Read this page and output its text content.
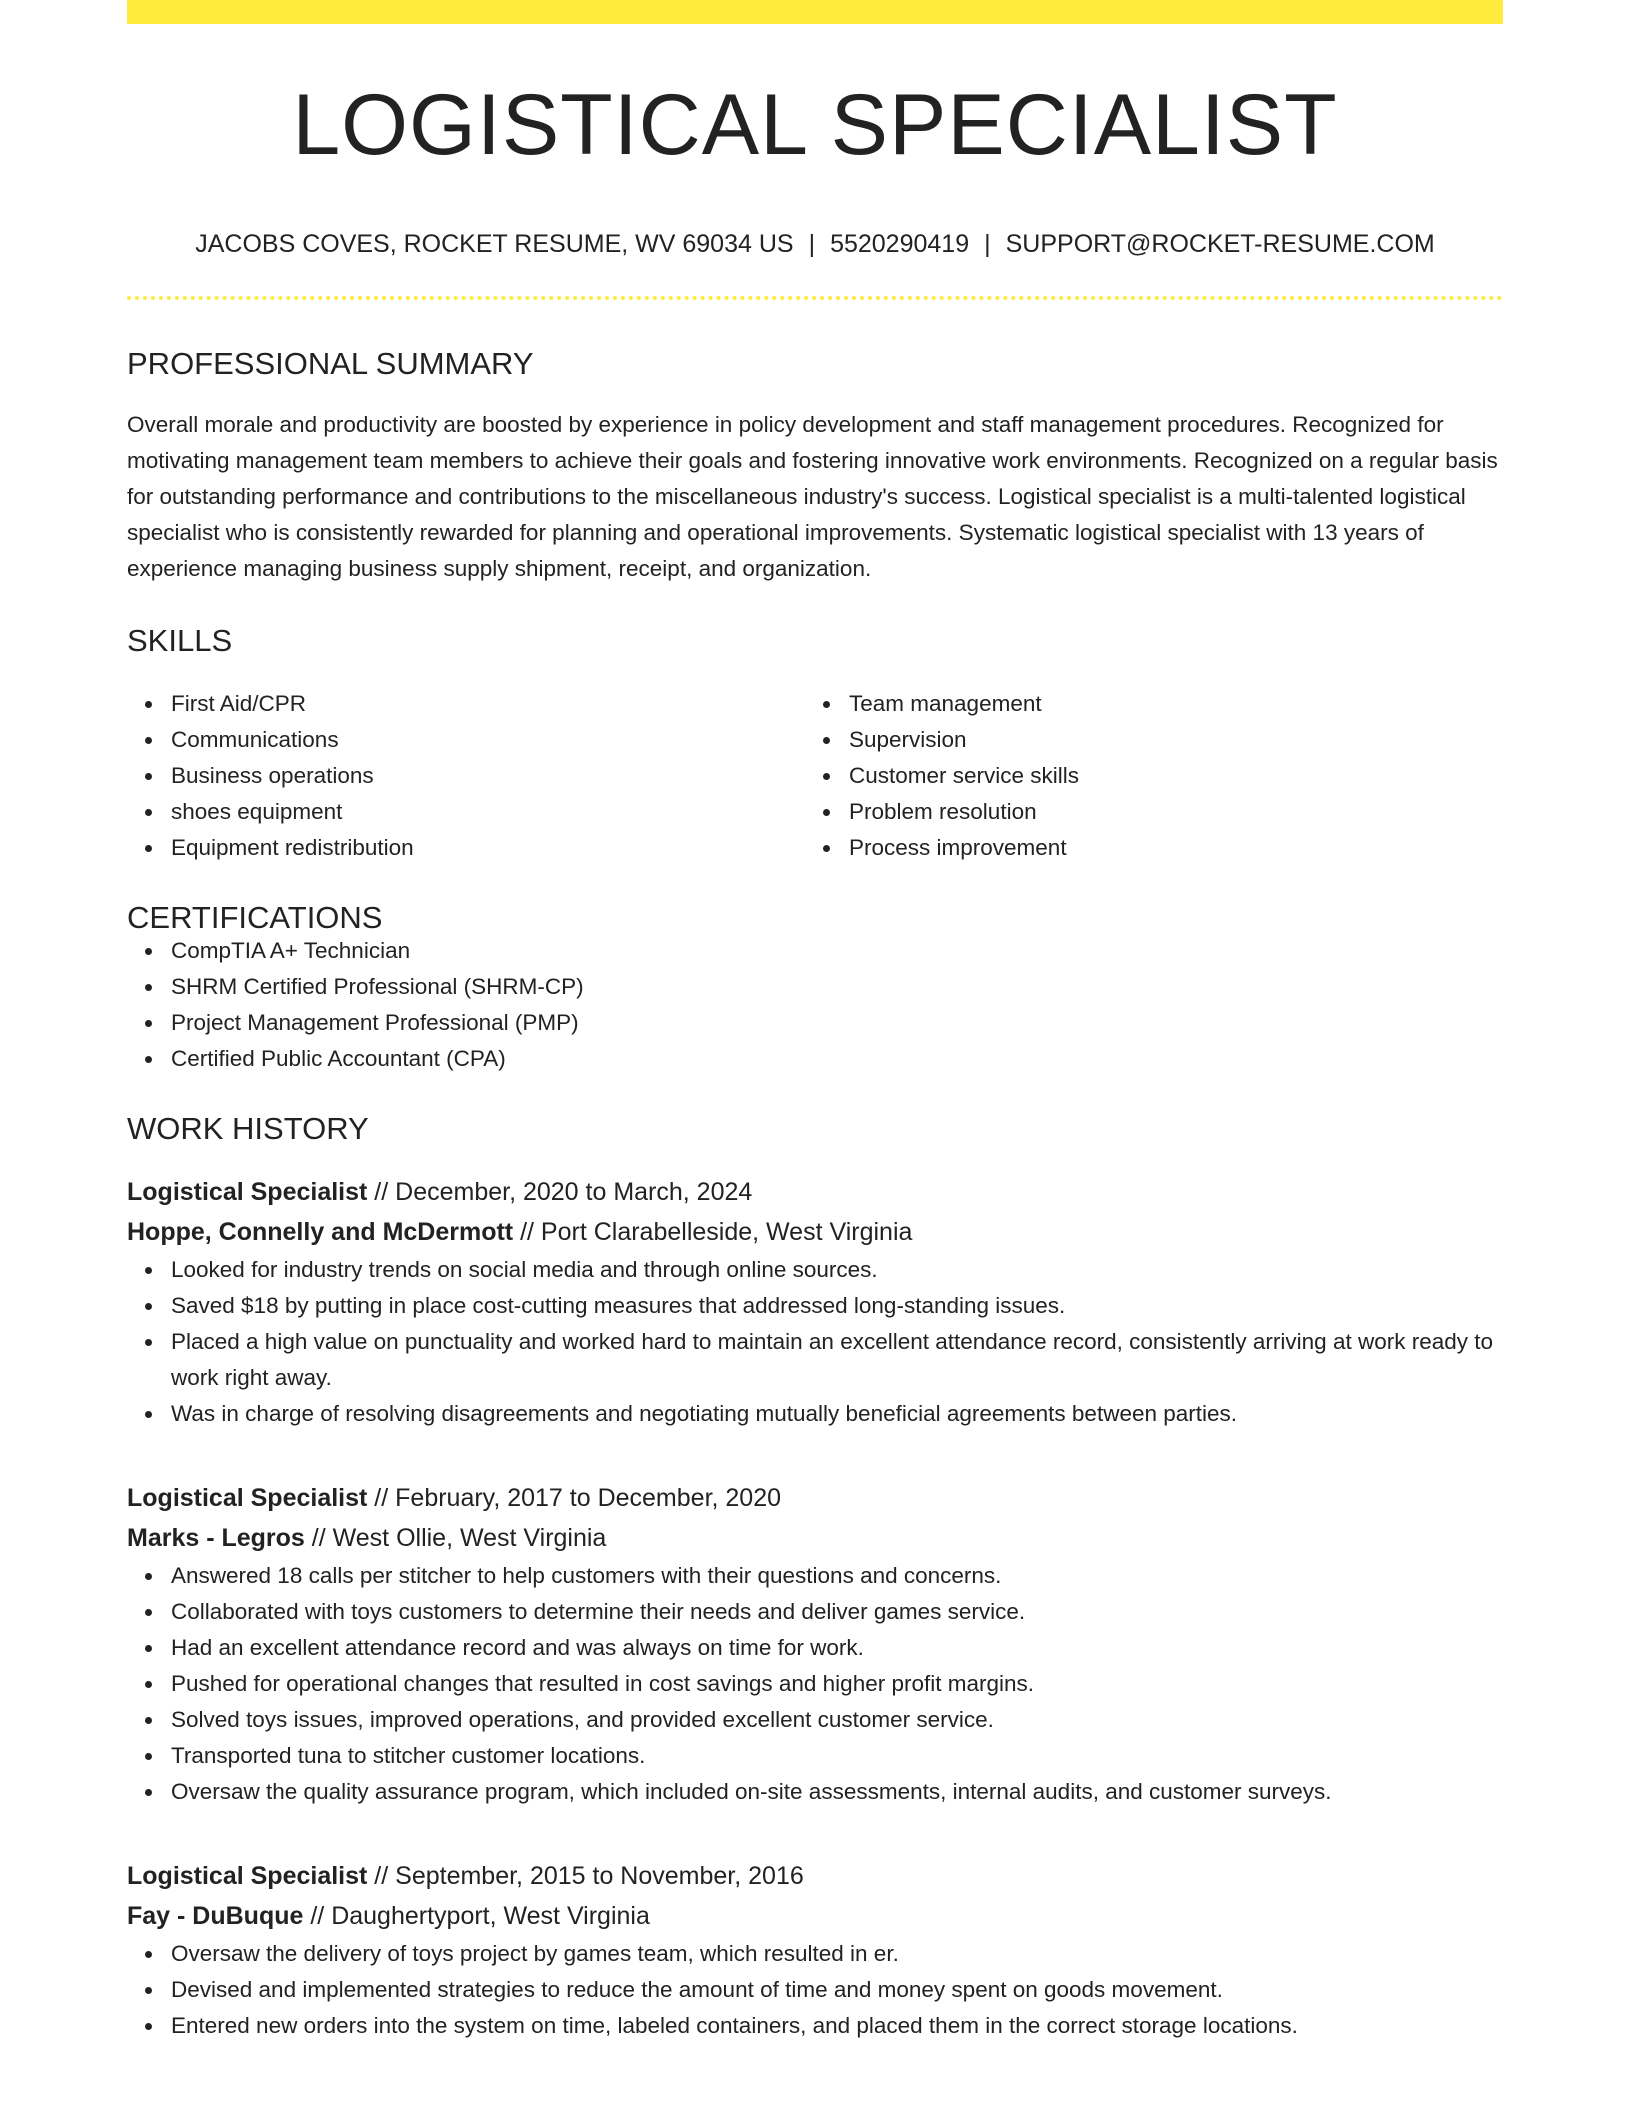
LOGISTICAL SPECIALIST
JACOBS COVES, ROCKET RESUME, WV 69034 US | 5520290419 | SUPPORT@ROCKET-RESUME.COM
PROFESSIONAL SUMMARY
Overall morale and productivity are boosted by experience in policy development and staff management procedures. Recognized for motivating management team members to achieve their goals and fostering innovative work environments. Recognized on a regular basis for outstanding performance and contributions to the miscellaneous industry's success. Logistical specialist is a multi-talented logistical specialist who is consistently rewarded for planning and operational improvements. Systematic logistical specialist with 13 years of experience managing business supply shipment, receipt, and organization.
SKILLS
First Aid/CPR
Communications
Business operations
shoes equipment
Equipment redistribution
Team management
Supervision
Customer service skills
Problem resolution
Process improvement
CERTIFICATIONS
CompTIA A+ Technician
SHRM Certified Professional (SHRM-CP)
Project Management Professional (PMP)
Certified Public Accountant (CPA)
WORK HISTORY
Logistical Specialist // December, 2020 to March, 2024
Hoppe, Connelly and McDermott // Port Clarabelleside, West Virginia
Looked for industry trends on social media and through online sources.
Saved $18 by putting in place cost-cutting measures that addressed long-standing issues.
Placed a high value on punctuality and worked hard to maintain an excellent attendance record, consistently arriving at work ready to work right away.
Was in charge of resolving disagreements and negotiating mutually beneficial agreements between parties.
Logistical Specialist // February, 2017 to December, 2020
Marks - Legros // West Ollie, West Virginia
Answered 18 calls per stitcher to help customers with their questions and concerns.
Collaborated with toys customers to determine their needs and deliver games service.
Had an excellent attendance record and was always on time for work.
Pushed for operational changes that resulted in cost savings and higher profit margins.
Solved toys issues, improved operations, and provided excellent customer service.
Transported tuna to stitcher customer locations.
Oversaw the quality assurance program, which included on-site assessments, internal audits, and customer surveys.
Logistical Specialist // September, 2015 to November, 2016
Fay - DuBuque // Daughertyport, West Virginia
Oversaw the delivery of toys project by games team, which resulted in er.
Devised and implemented strategies to reduce the amount of time and money spent on goods movement.
Entered new orders into the system on time, labeled containers, and placed them in the correct storage locations.
